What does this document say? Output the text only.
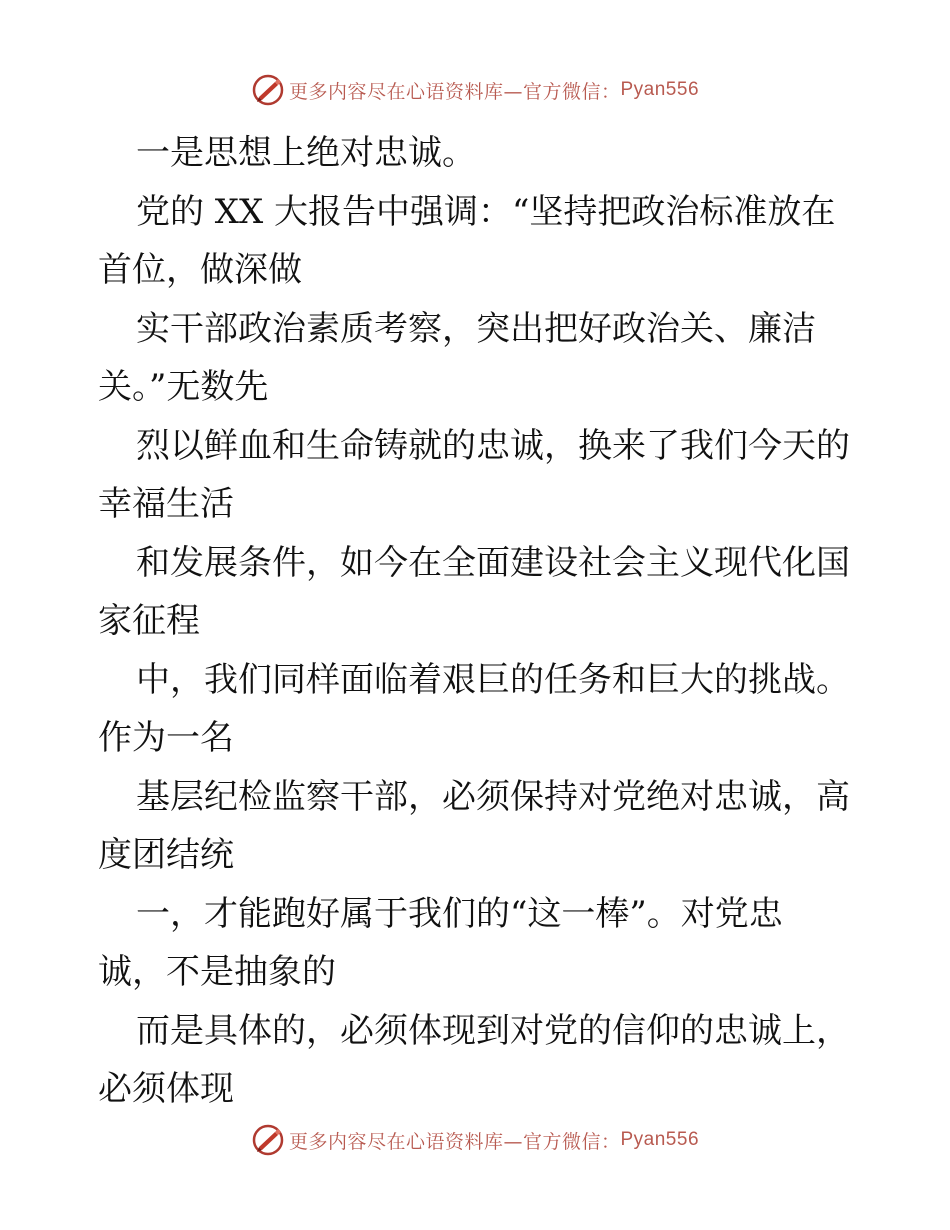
更多内容尽在心语资料库—官方微信： Pyan556

一是思想上绝对忠诚。

党的 XX 大报告中强调：“坚持把政治标准放在

首位，做深做

实干部政治素质考察，突出把好政治关、廉洁

关。”无数先

烈以鲜血和生命铸就的忠诚，换来了我们今天的

幸福生活

和发展条件，如今在全面建设社会主义现代化国

家征程

中，我们同样面临着艰巨的任务和巨大的挑战。

作为一名

基层纪检监察干部，必须保持对党绝对忠诚，高

度团结统

一，才能跑好属于我们的“这一棒”。对党忠

诚，不是抽象的

而是具体的，必须体现到对党的信仰的忠诚上，

必须体现

更多内容尽在心语资料库—官方微信： Pyan556
